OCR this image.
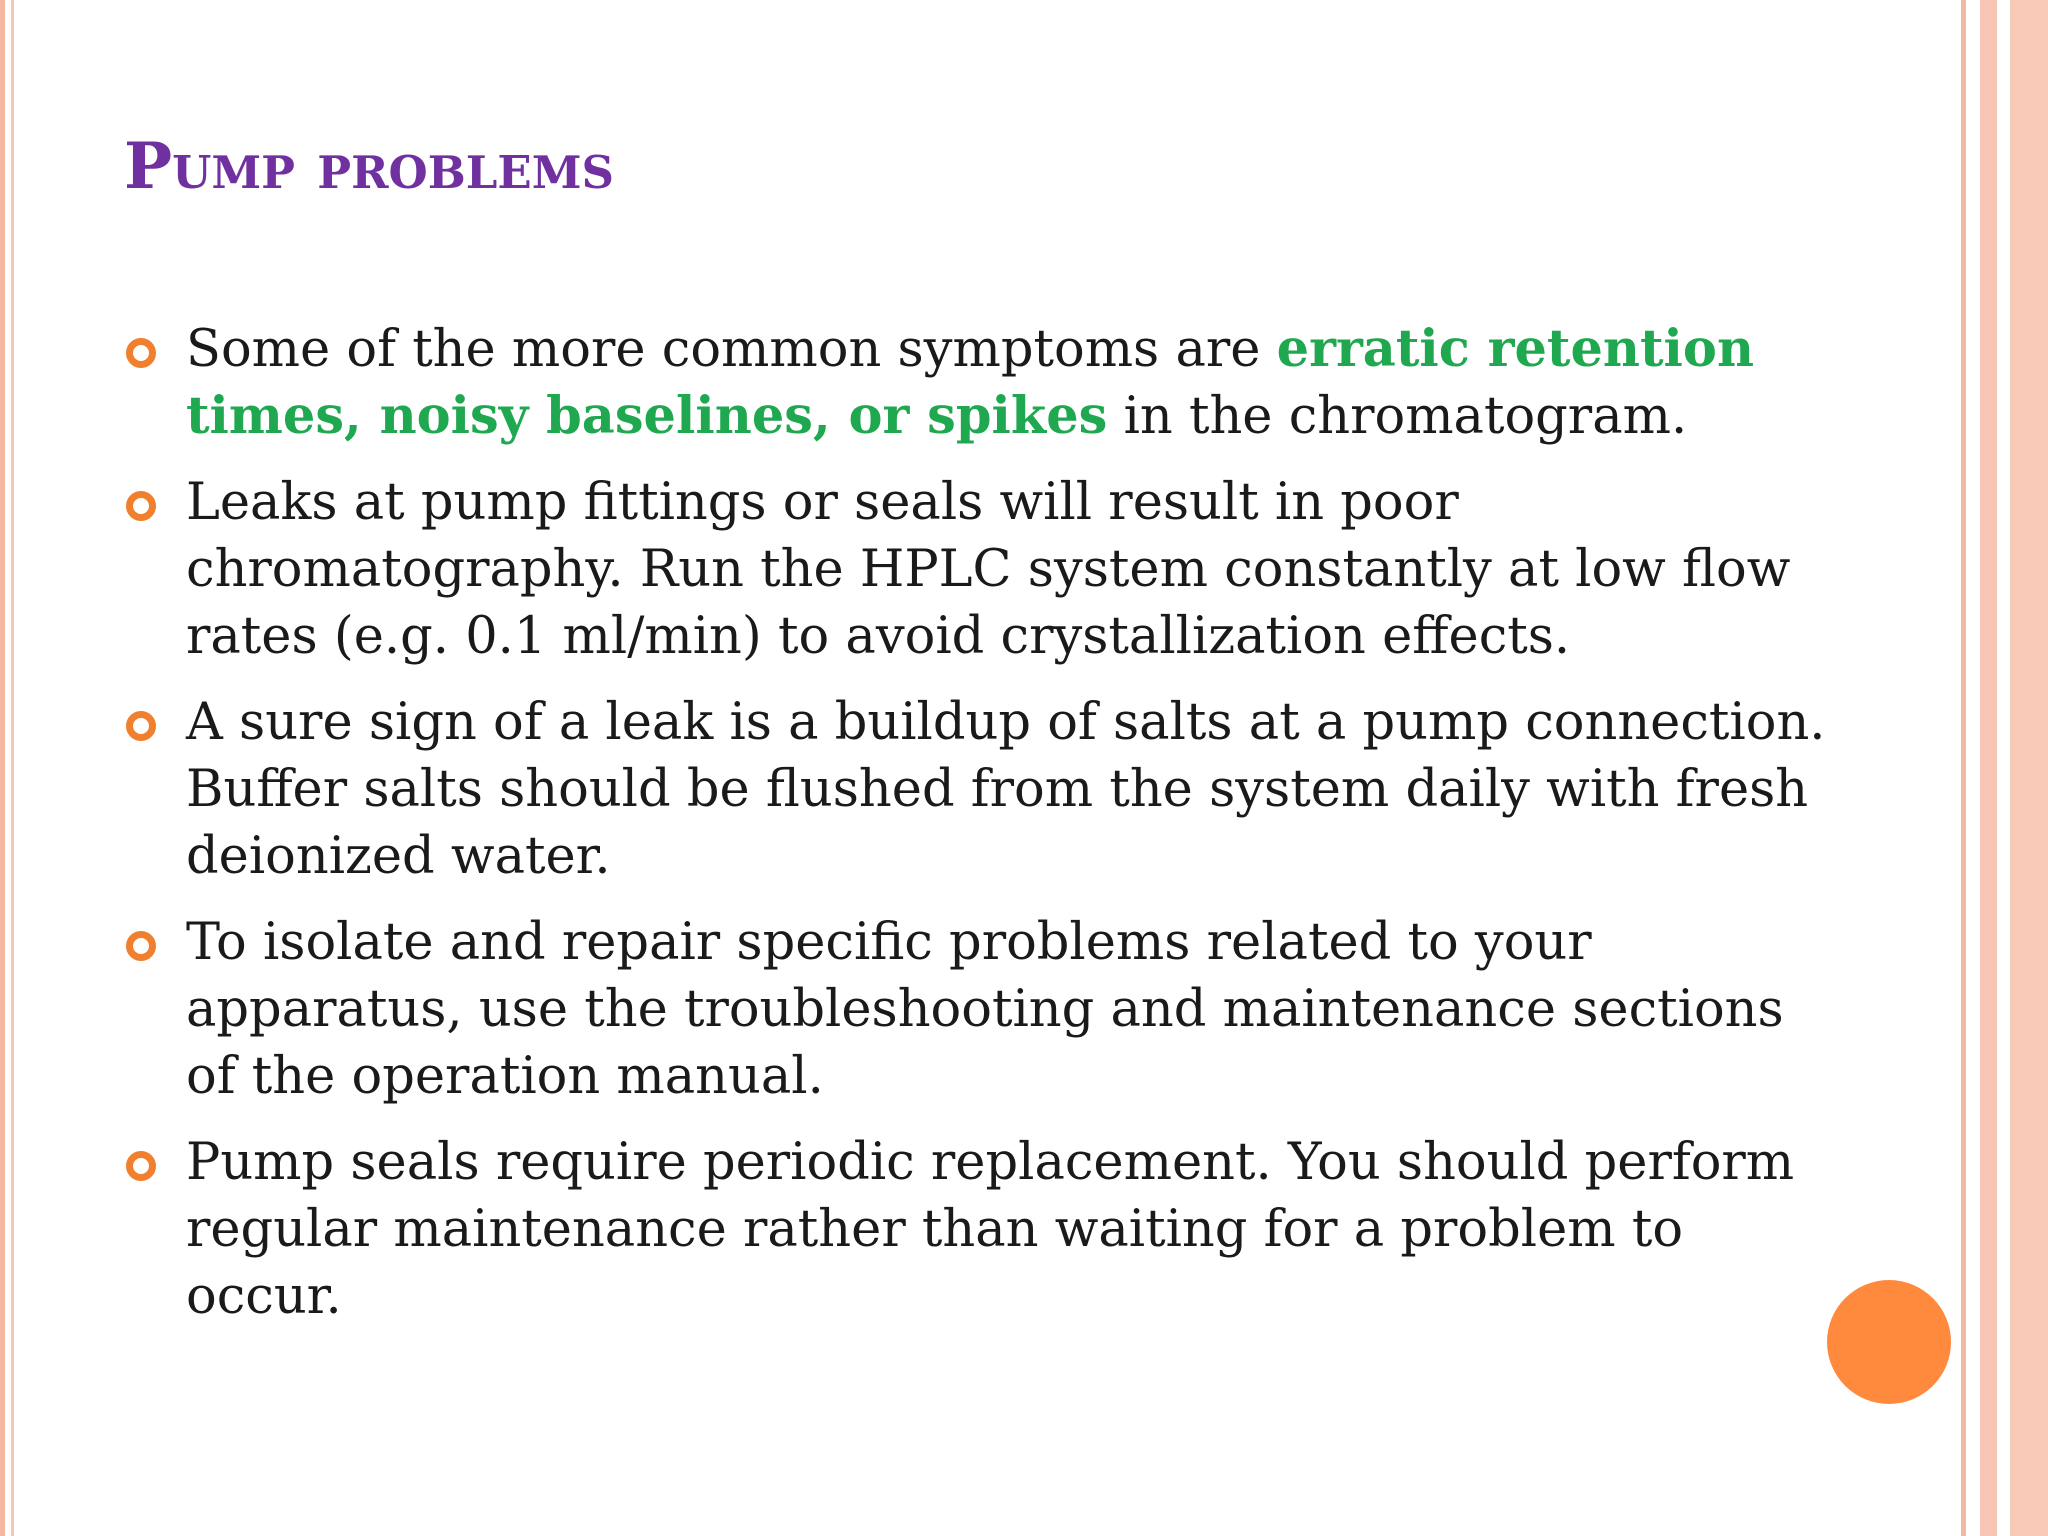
Pump problems
Some of the more common symptoms are erratic retention times, noisy baselines, or spikes in the chromatogram.
Leaks at pump fittings or seals will result in poor chromatography. Run the HPLC system constantly at low flow rates (e.g. 0.1 ml/min) to avoid crystallization effects.
A sure sign of a leak is a buildup of salts at a pump connection. Buffer salts should be flushed from the system daily with fresh deionized water.
To isolate and repair specific problems related to your apparatus, use the troubleshooting and maintenance sections of the operation manual.
Pump seals require periodic replacement. You should perform regular maintenance rather than waiting for a problem to occur.
